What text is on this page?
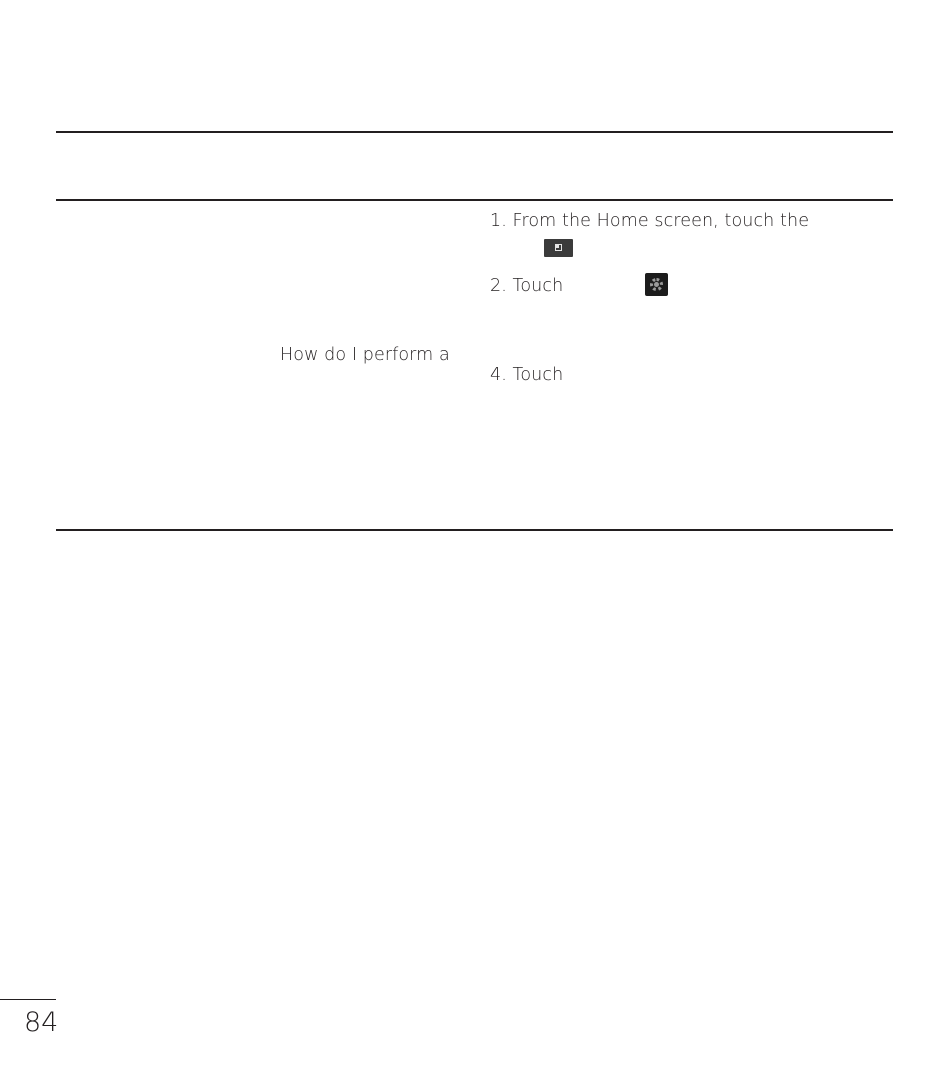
How do I perform a
1. From the Home screen, touch the
2. Touch
4. Touch
84
